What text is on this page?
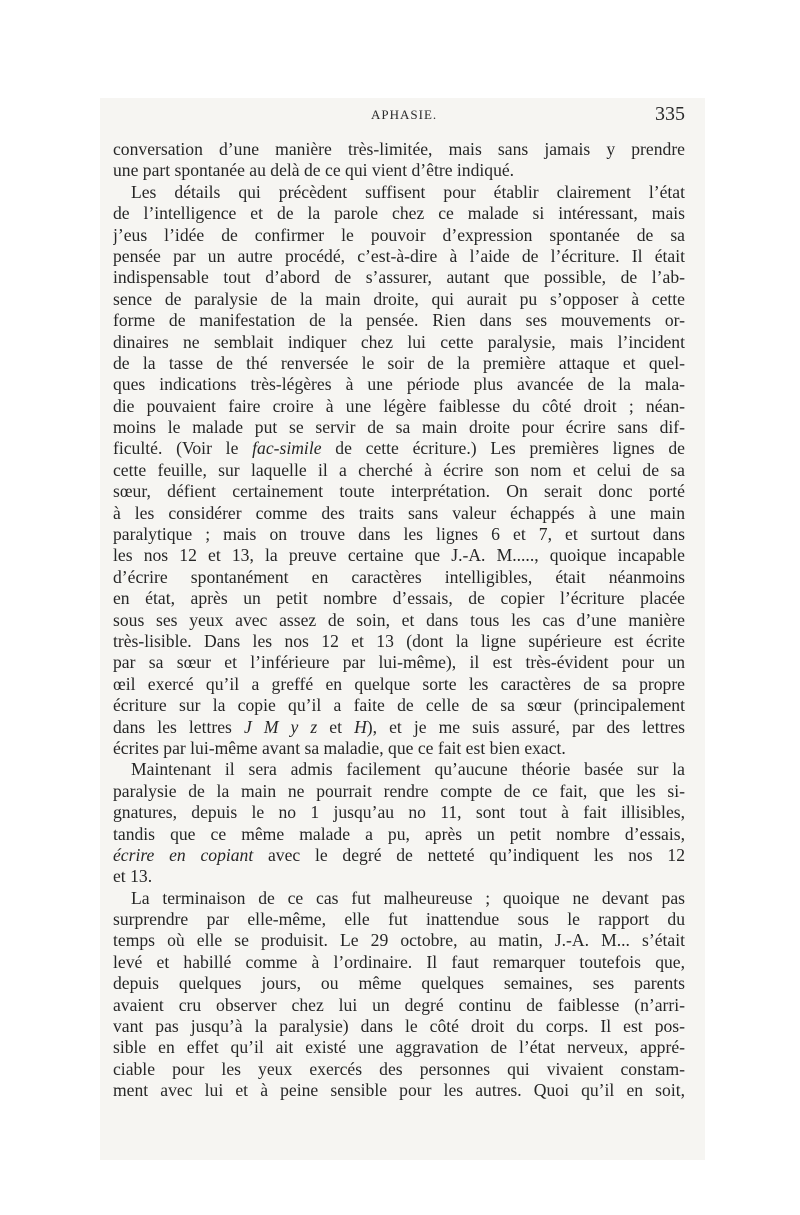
APHASIE.	335
conversation d’une manière très-limitée, mais sans jamais y prendre
une part spontanée au delà de ce qui vient d’être indiqué.
Les détails qui précèdent suffisent pour établir clairement l’état
de l’intelligence et de la parole chez ce malade si intéressant, mais
j’eus l’idée de confirmer le pouvoir d’expression spontanée de sa
pensée par un autre procédé, c’est-à-dire à l’aide de l’écriture. Il était
indispensable tout d’abord de s’assurer, autant que possible, de l’ab-
sence de paralysie de la main droite, qui aurait pu s’opposer à cette
forme de manifestation de la pensée. Rien dans ses mouvements or-
dinaires ne semblait indiquer chez lui cette paralysie, mais l’incident
de la tasse de thé renversée le soir de la première attaque et quel-
ques indications très-légères à une période plus avancée de la mala-
die pouvaient faire croire à une légère faiblesse du côté droit ; néan-
moins le malade put se servir de sa main droite pour écrire sans dif-
ficulté. (Voir le fac-simile de cette écriture.) Les premières lignes de
cette feuille, sur laquelle il a cherché à écrire son nom et celui de sa
sœur, défient certainement toute interprétation. On serait donc porté
à les considérer comme des traits sans valeur échappés à une main
paralytique ; mais on trouve dans les lignes 6 et 7, et surtout dans
les nos 12 et 13, la preuve certaine que J.-A. M....., quoique incapable
d’écrire spontanément en caractères intelligibles, était néanmoins
en état, après un petit nombre d’essais, de copier l’écriture placée
sous ses yeux avec assez de soin, et dans tous les cas d’une manière
très-lisible. Dans les nos 12 et 13 (dont la ligne supérieure est écrite
par sa sœur et l’inférieure par lui-même), il est très-évident pour un
œil exercé qu’il a greffé en quelque sorte les caractères de sa propre
écriture sur la copie qu’il a faite de celle de sa sœur (principalement
dans les lettres J M y z et H), et je me suis assuré, par des lettres
écrites par lui-même avant sa maladie, que ce fait est bien exact.
Maintenant il sera admis facilement qu’aucune théorie basée sur la
paralysie de la main ne pourrait rendre compte de ce fait, que les si-
gnatures, depuis le no 1 jusqu’au no 11, sont tout à fait illisibles,
tandis que ce même malade a pu, après un petit nombre d’essais,
écrire en copiant avec le degré de netteté qu’indiquent les nos 12
et 13.
La terminaison de ce cas fut malheureuse ; quoique ne devant pas
surprendre par elle-même, elle fut inattendue sous le rapport du
temps où elle se produisit. Le 29 octobre, au matin, J.-A. M... s’était
levé et habillé comme à l’ordinaire. Il faut remarquer toutefois que,
depuis quelques jours, ou même quelques semaines, ses parents
avaient cru observer chez lui un degré continu de faiblesse (n’arri-
vant pas jusqu’à la paralysie) dans le côté droit du corps. Il est pos-
sible en effet qu’il ait existé une aggravation de l’état nerveux, appré-
ciable pour les yeux exercés des personnes qui vivaient constam-
ment avec lui et à peine sensible pour les autres. Quoi qu’il en soit,
